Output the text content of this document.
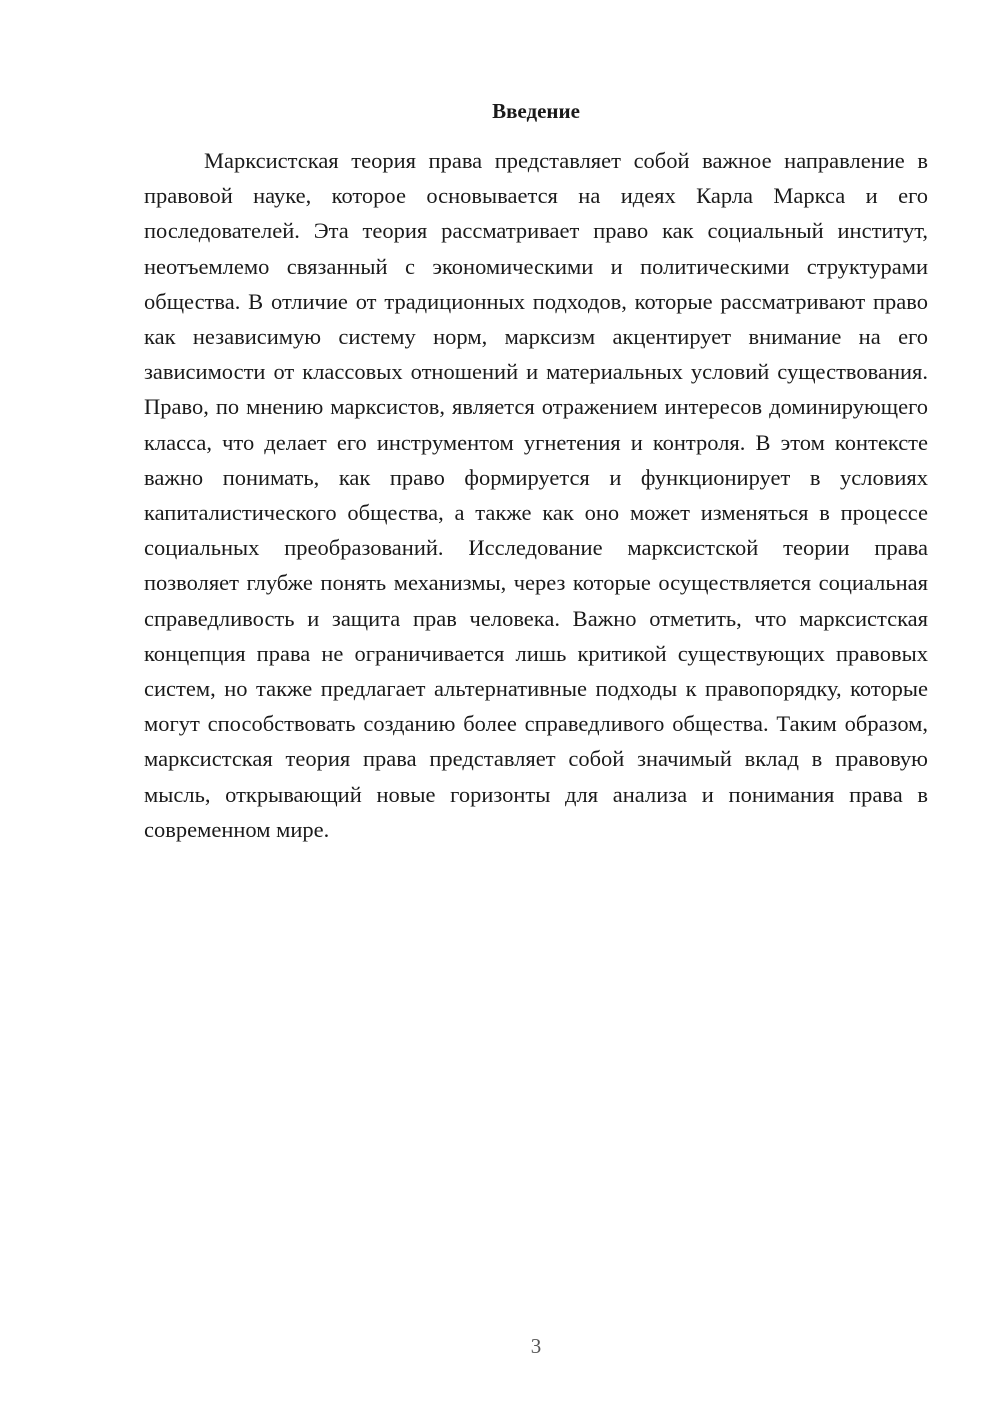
Введение

Марксистская теория права представляет собой важное направление в правовой науке, которое основывается на идеях Карла Маркса и его последователей. Эта теория рассматривает право как социальный институт, неотъемлемо связанный с экономическими и политическими структурами общества. В отличие от традиционных подходов, которые рассматривают право как независимую систему норм, марксизм акцентирует внимание на его зависимости от классовых отношений и материальных условий существования. Право, по мнению марксистов, является отражением интересов доминирующего класса, что делает его инструментом угнетения и контроля. В этом контексте важно понимать, как право формируется и функционирует в условиях капиталистического общества, а также как оно может изменяться в процессе социальных преобразований. Исследование марксистской теории права позволяет глубже понять механизмы, через которые осуществляется социальная справедливость и защита прав человека. Важно отметить, что марксистская концепция права не ограничивается лишь критикой существующих правовых систем, но также предлагает альтернативные подходы к правопорядку, которые могут способствовать созданию более справедливого общества. Таким образом, марксистская теория права представляет собой значимый вклад в правовую мысль, открывающий новые горизонты для анализа и понимания права в современном мире.

3
